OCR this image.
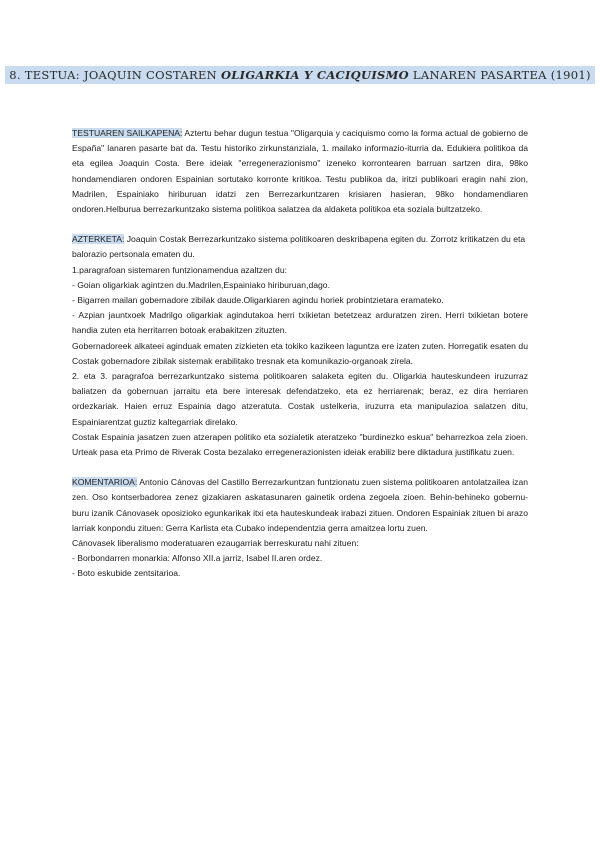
8. TESTUA: JOAQUIN COSTAREN OLIGARKIA Y CACIQUISMO LANAREN PASARTEA (1901)

TESTUAREN SAILKAPENA: Aztertu behar dugun testua "Oligarquia y caciquismo como la forma actual de gobierno de España" lanaren pasarte bat da. Testu historiko zirkunstanziala, 1. mailako informazio-iturria da. Edukiera politikoa da eta egilea Joaquin Costa. Bere ideiak "erregenerazionismo" izeneko korrontearen barruan sartzen dira, 98ko hondamendiaren ondoren Espainian sortutako korronte kritikoa. Testu publikoa da, iritzi publikoari eragin nahi zion, Madrilen, Espainiako hiriburuan idatzi zen Berrezarkuntzaren krisiaren hasieran, 98ko hondamendiaren ondoren.Helburua berrezarkuntzako sistema politikoa salatzea da aldaketa politikoa eta soziala bultzatzeko.

AZTERKETA: Joaquin Costak Berrezarkuntzako sistema politikoaren deskribapena egiten du. Zorrotz kritikatzen du eta balorazio pertsonala ematen du.

1.paragrafoan sistemaren funtzionamendua azaltzen du:

- Goian oligarkiak agintzen du.Madrilen,Espainiako hiriburuan,dago.

- Bigarren mailan gobernadore zibilak daude.Oligarkiaren agindu horiek probintzietara eramateko.

- Azpian jauntxoek Madrilgo oligarkiak agindutakoa herri txikietan betetzeaz arduratzen ziren. Herri txikietan botere handia zuten eta herritarren botoak erabakitzen zituzten.

Gobernadoreek alkateei aginduak ematen zizkieten eta tokiko kazikeen laguntza ere izaten zuten. Horregatik esaten du Costak gobernadore zibilak sistemak erabilitako tresnak eta komunikazio-organoak zirela.

2. eta 3. paragrafoa berrezarkuntzako sistema politikoaren salaketa egiten du. Oligarkia hauteskundeen iruzurraz baliatzen da gobernuan jarraitu eta bere interesak defendatzeko, eta ez herriarenak; beraz, ez dira herriaren ordezkariak. Haien erruz Espainia dago atzeratuta. Costak ustelkeria, iruzurra eta manipulazioa salatzen ditu, Espainiarentzat guztiz kaltegarriak direlako.

Costak Espainia jasatzen zuen atzerapen politiko eta sozialetik ateratzeko "burdinezko eskua" beharrezkoa zela zioen. Urteak pasa eta Primo de Riverak Costa bezalako erregenerazionisten ideiak erabiliz bere diktadura justifikatu zuen.

KOMENTARIOA: Antonio Cánovas del Castillo Berrezarkuntzan funtzionatu zuen sistema politikoaren antolatzailea izan zen. Oso kontserbadorea zenez gizakiaren askatasunaren gainetik ordena zegoela zioen. Behin-behineko gobernu-buru izanik Cánovasek oposizioko egunkarikak itxi eta hauteskundeak irabazi zituen. Ondoren Espainiak zituen bi arazo larriak konpondu zituen: Gerra Karlista eta Cubako independentzia gerra amaitzea lortu zuen.

Cánovasek liberalismo moderatuaren ezaugarriak berreskuratu nahi zituen:

- Borbondarren monarkia: Alfonso XII.a jarriz, Isabel II.aren ordez.

- Boto eskubide zentsitarioa.
